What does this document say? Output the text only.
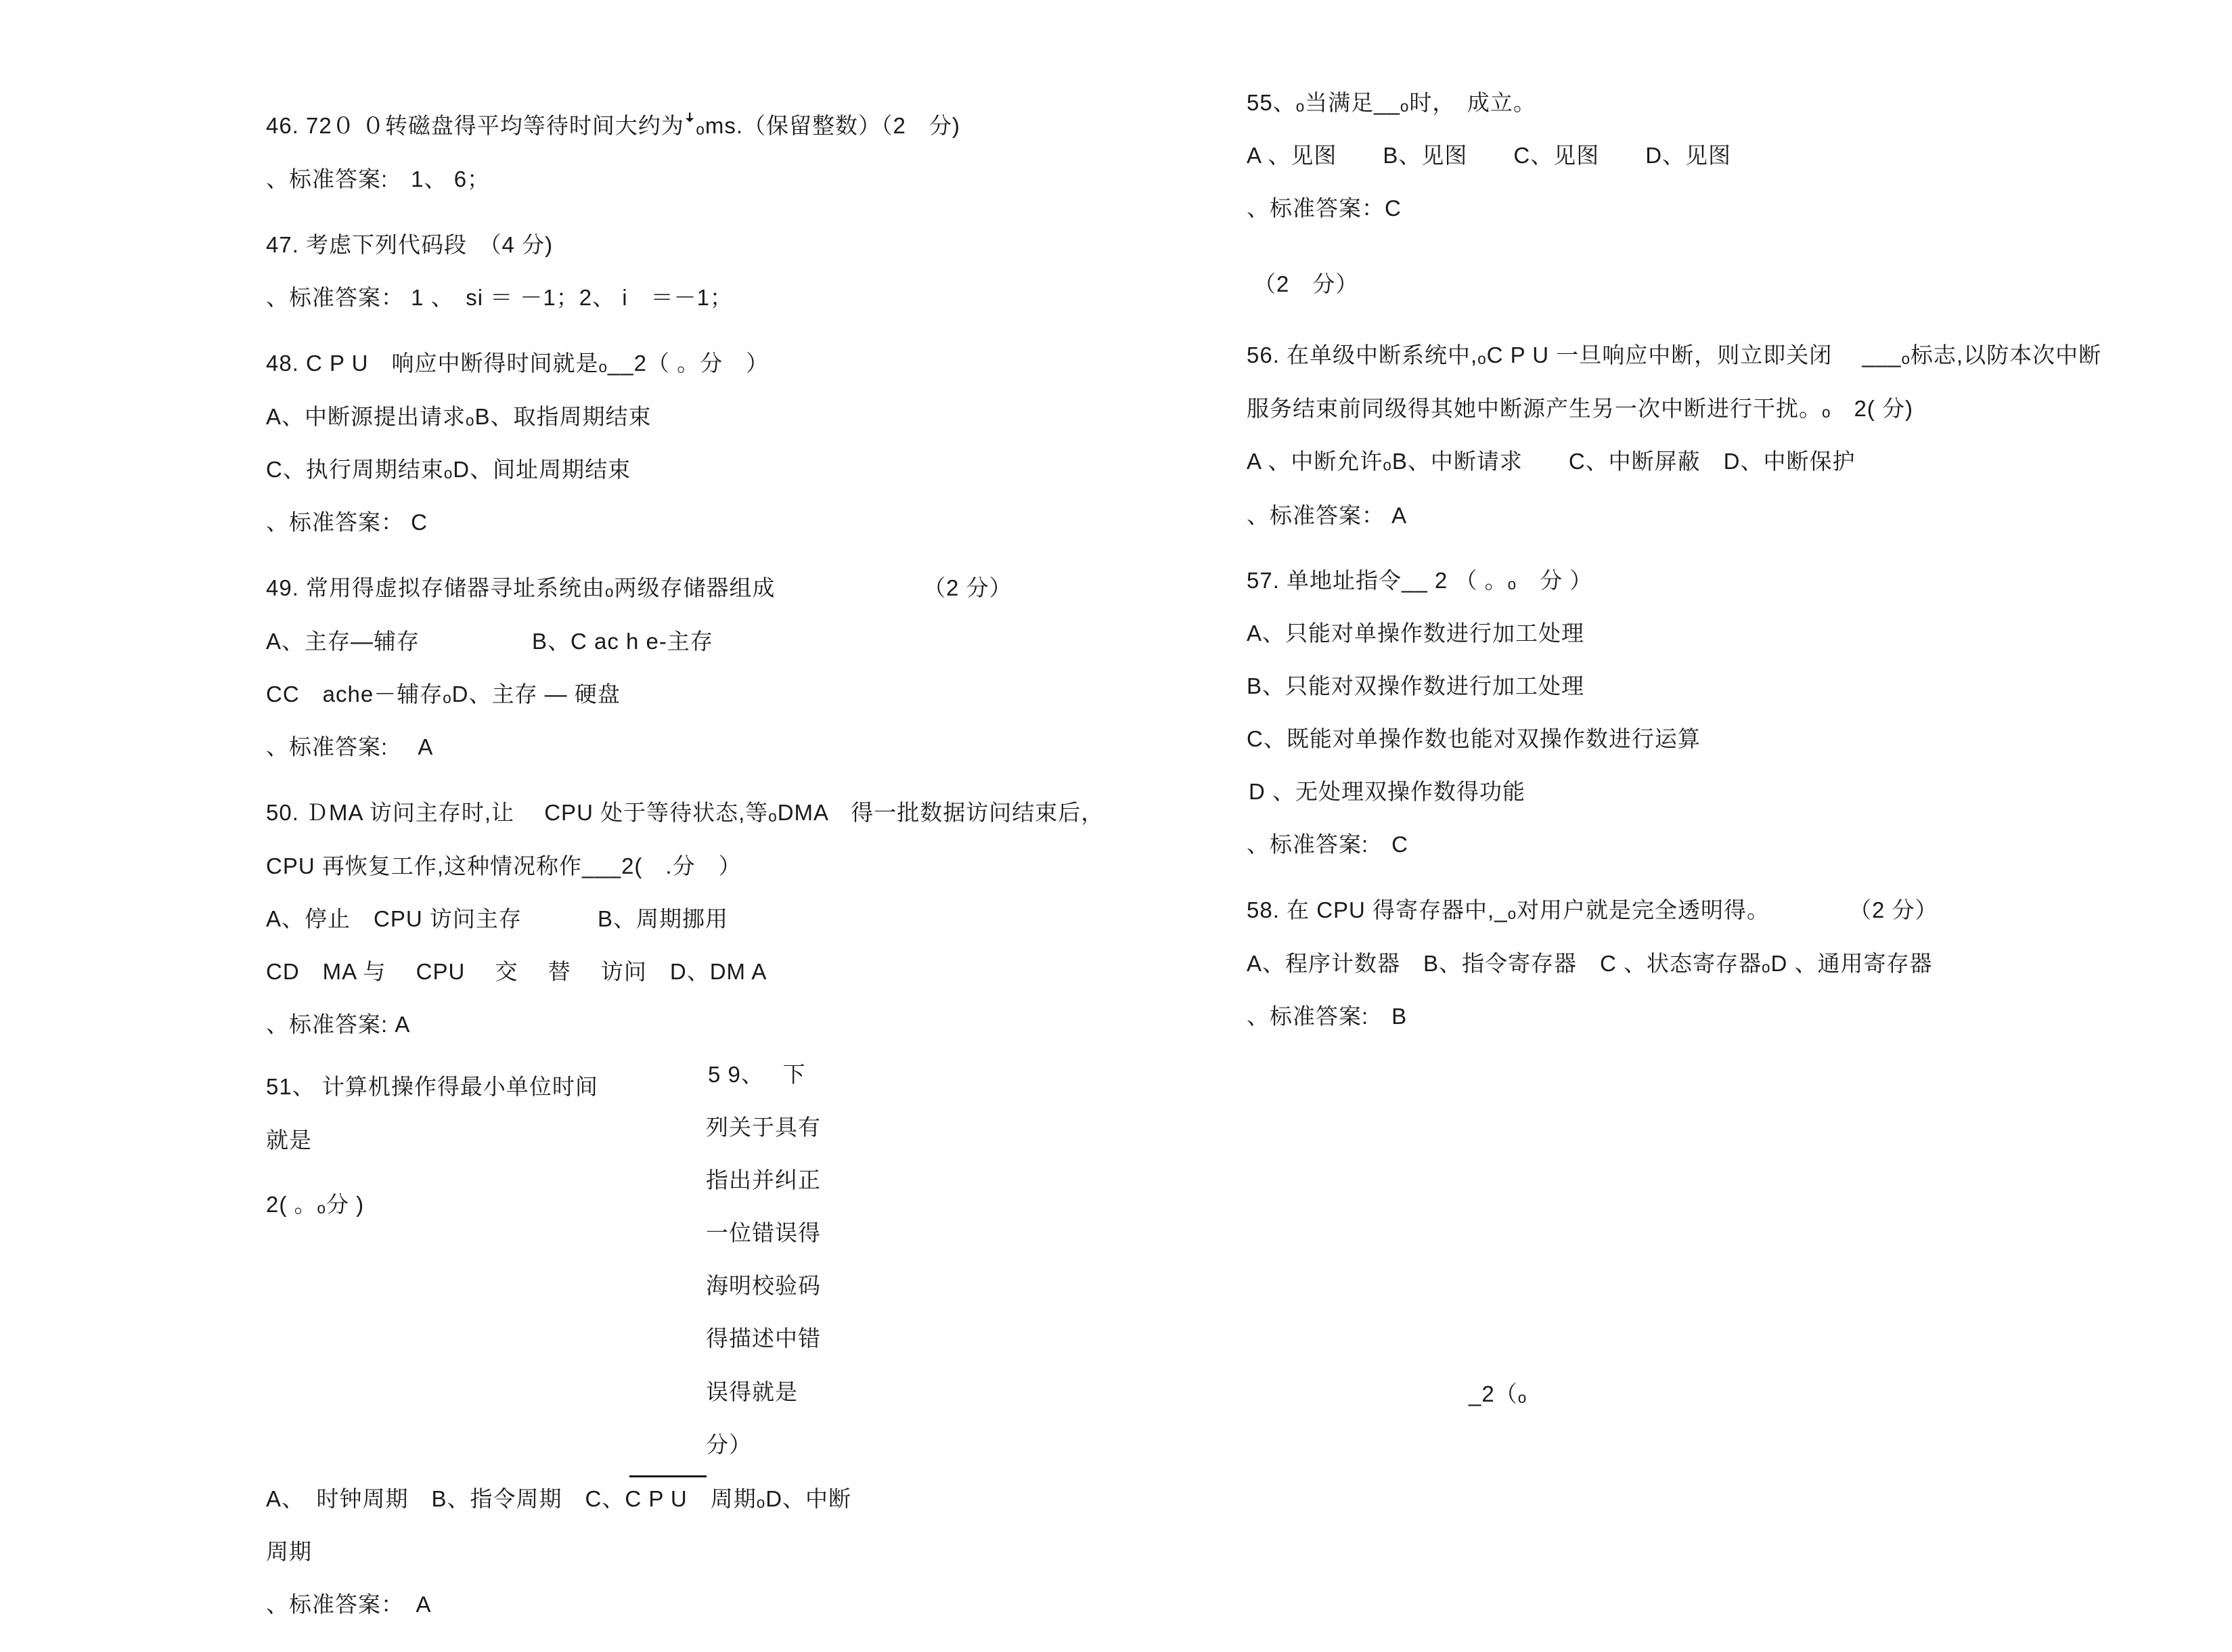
46. 72０ ０转磁盘得平均等待时间大约为ꜜₒms.（保留整数）（2　分)
、标准答案:　1、 6；
47. 考虑下列代码段　（4 分)
、标准答案： 1 、　si ＝ －1；2、 i　＝－1；
48. C P U　响应中断得时间就是ₒ__2（ 。分　）
A、中断源提出请求ₒB、取指周期结束
C、执行周期结束ₒD、间址周期结束
、标准答案： C
49. 常用得虚拟存储器寻址系统由ₒ两级存储器组成	（2 分）
A、主存—辅存	B、C ac h e-主存
CC　ache－辅存ₒD、主存 — 硬盘
、标准答案:　 A
50. ＤMA 访问主存时,让　 CPU 处于等待状态,等ₒDMA　得一批数据访问结束后，
CPU 再恢复工作,这种情况称作___2(　.分　）
A、停止　CPU 访问主存　　　 B、周期挪用
CD　MA 与　 CPU　 交　 替　 访问　D、DM A
、标准答案: A
51、 计算机操作得最小单位时间
就是
2( 。ₒ分 )
5 9、　 下
列关于具有
指出并纠正
一位错误得
海明校验码
得描述中错
误得就是
分）
A、　时钟周期　B、指令周期　C、C P U　周期ₒD、中断
周期
、标准答案：　A
55、ₒ当满足__ₒ时，　成立。
A 、见图　　B、见图　　C、见图　　D、见图
、标准答案：C
（2　分）
56. 在单级中断系统中,ₒC P U 一旦响应中断，则立即关闭　 ___ₒ标志,以防本次中断
服务结束前同级得其她中断源产生另一次中断进行干扰。ₒ　2( 分)
A 、中断允许ₒB、中断请求　　C、中断屏蔽　D、中断保护
、标准答案： A
57. 单地址指令__ 2 （ 。ₒ　分 ）
A、只能对单操作数进行加工处理
B、只能对双操作数进行加工处理
C、既能对单操作数也能对双操作数进行运算
D 、无处理双操作数得功能
、标准答案:　C
58. 在 CPU 得寄存器中,_ₒ对用户就是完全透明得。	（2 分）
A、程序计数器　B、指令寄存器　C 、状态寄存器ₒD 、通用寄存器
、标准答案:　B
_2（ₒ
